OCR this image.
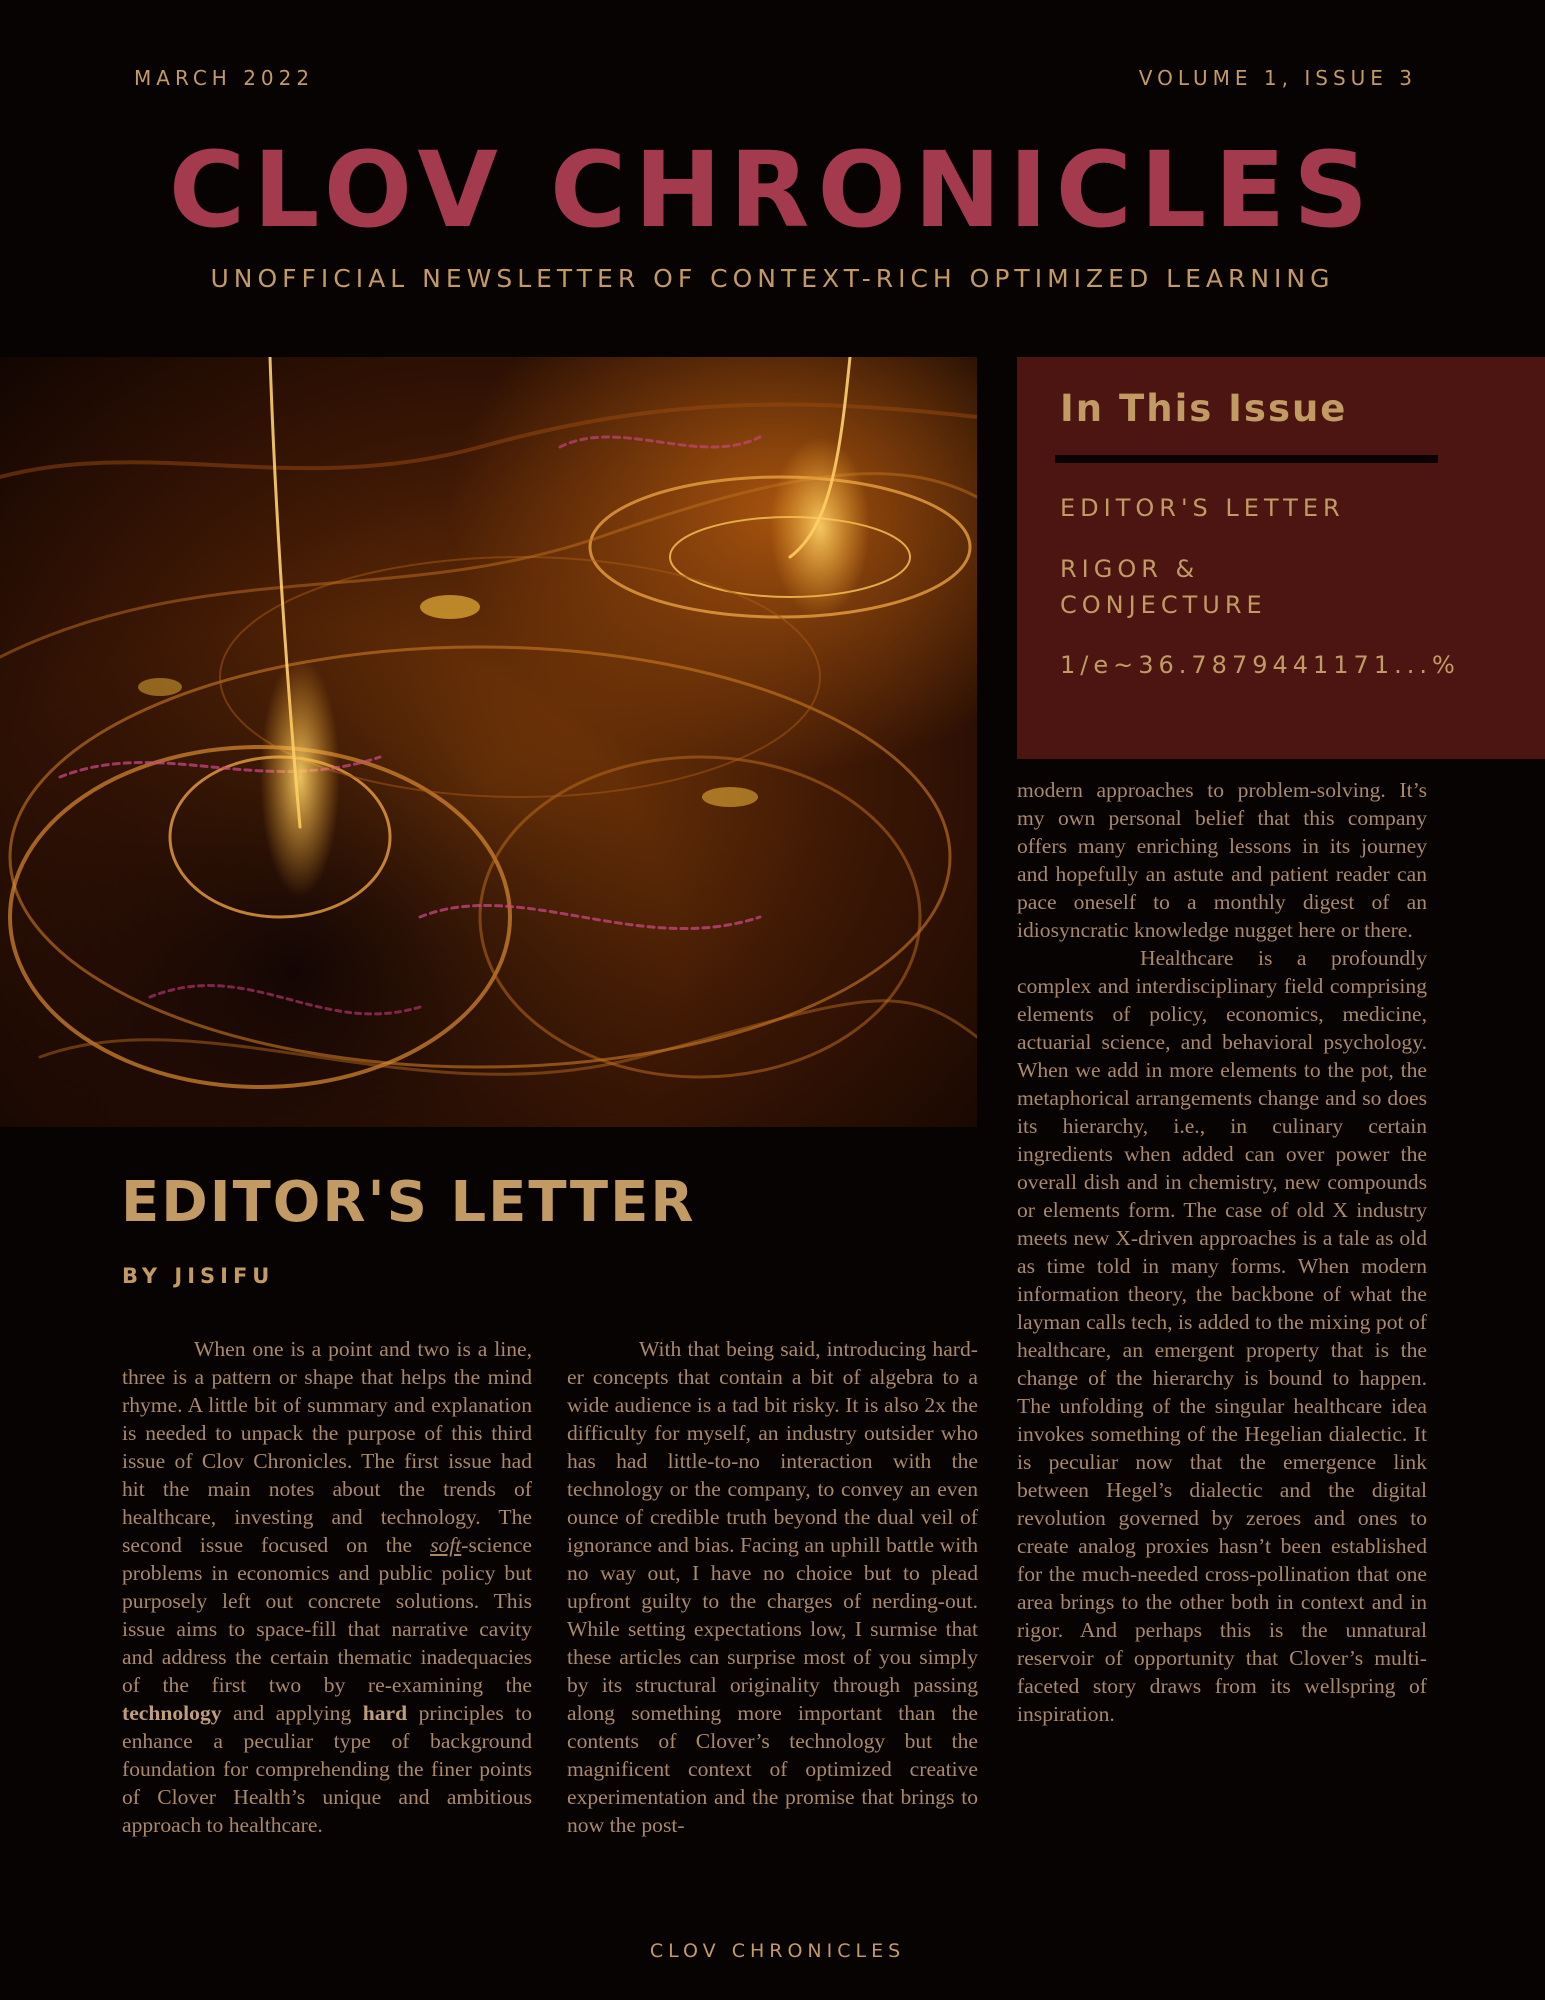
MARCH 2022	VOLUME 1, ISSUE 3
CLOV CHRONICLES
UNOFFICIAL NEWSLETTER OF CONTEXT-RICH OPTIMIZED LEARNING
In This Issue
EDITOR'S LETTER
RIGOR & CONJECTURE
1/e~36.7879441171...%
EDITOR'S LETTER
BY JISIFU

When one is a point and two is a line, three is a pattern or shape that helps the mind rhyme. A little bit of summary and explanation is needed to unpack the purpose of this third issue of Clov Chronicles. The first issue had hit the main notes about the trends of healthcare, investing and technology. The second issue focused on the soft-science problems in economics and public policy but purposely left out concrete solutions. This issue aims to space-fill that narrative cavity and address the certain thematic inadequacies of the first two by re-examining the technology and applying hard principles to enhance a peculiar type of background foundation for comprehending the finer points of Clover Health’s unique and ambitious approach to healthcare.

With that being said, introducing hard-er concepts that contain a bit of algebra to a wide audience is a tad bit risky. It is also 2x the difficulty for myself, an industry outsider who has had little-to-no interaction with the technology or the company, to convey an even ounce of credible truth beyond the dual veil of ignorance and bias. Facing an uphill battle with no way out, I have no choice but to plead upfront guilty to the charges of nerding-out. While setting expectations low, I surmise that these articles can surprise most of you simply by its structural originality through passing along something more important than the contents of Clover’s technology but the magnificent context of optimized creative experimentation and the promise that brings to now the post-

modern approaches to problem-solving. It’s my own personal belief that this company offers many enriching lessons in its journey and hopefully an astute and patient reader can pace oneself to a monthly digest of an idiosyncratic knowledge nugget here or there.

Healthcare is a profoundly complex and interdisciplinary field comprising elements of policy, economics, medicine, actuarial science, and behavioral psychology. When we add in more elements to the pot, the metaphorical arrangements change and so does its hierarchy, i.e., in culinary certain ingredients when added can over power the overall dish and in chemistry, new compounds or elements form. The case of old X industry meets new X-driven approaches is a tale as old as time told in many forms. When modern information theory, the backbone of what the layman calls tech, is added to the mixing pot of healthcare, an emergent property that is the change of the hierarchy is bound to happen. The unfolding of the singular healthcare idea invokes something of the Hegelian dialectic. It is peculiar now that the emergence link between Hegel’s dialectic and the digital revolution governed by zeroes and ones to create analog proxies hasn’t been established for the much-needed cross-pollination that one area brings to the other both in context and in rigor. And perhaps this is the unnatural reservoir of opportunity that Clover’s multi-faceted story draws from its wellspring of inspiration.

CLOV CHRONICLES
